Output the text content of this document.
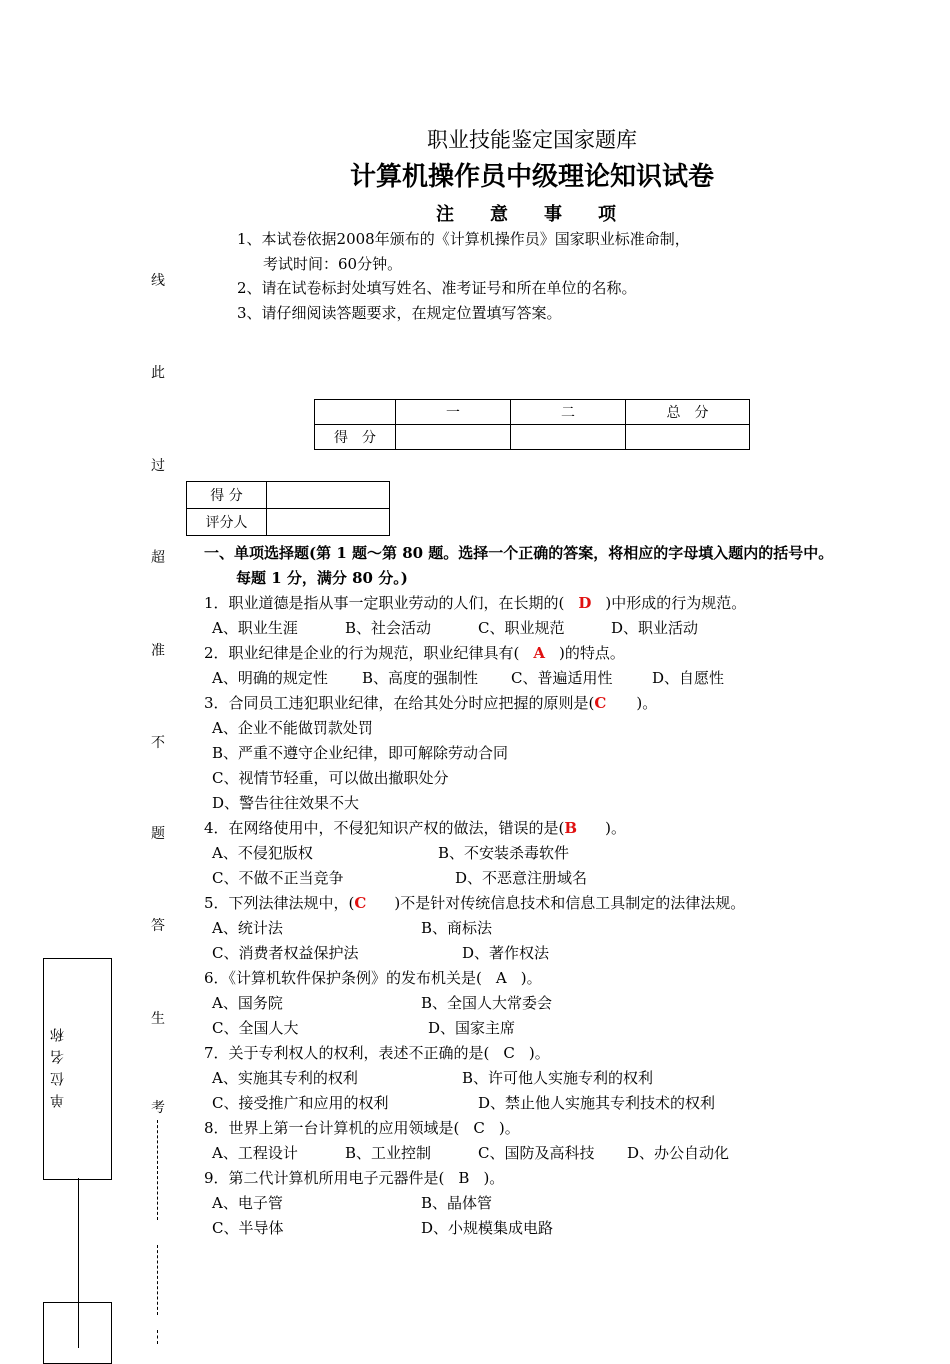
职业技能鉴定国家题库
计算机操作员中级理论知识试卷
注意事项
1、本试卷依据2008年颁布的《计算机操作员》国家职业标准命制，
考试时间：60分钟。
2、请在试卷标封处填写姓名、准考证号和所在单位的名称。
3、请仔细阅读答题要求，在规定位置填写答案。
线
此
过
超
准
不
题
答
生
考
单位名称
	一	二	总　分
得　分			
得 分	
评分人	
一、单项选择题(第 1 题～第 80 题。选择一个正确的答案，将相应的字母填入题内的括号中。
每题 1 分，满分 80 分。)
1．职业道德是指从事一定职业劳动的人们，在长期的( D )中形成的行为规范。
A、职业生涯	B、社会活动	C、职业规范	D、职业活动
2．职业纪律是企业的行为规范，职业纪律具有( A )的特点。
A、明确的规定性 B、高度的强制性 C、普遍适用性	D、自愿性
3．合同员工违犯职业纪律，在给其处分时应把握的原则是(C )。
A、企业不能做罚款处罚
B、严重不遵守企业纪律，即可解除劳动合同
C、视情节轻重，可以做出撤职处分
D、警告往往效果不大
4．在网络使用中，不侵犯知识产权的做法，错误的是(B )。
A、不侵犯版权	B、不安装杀毒软件
C、不做不正当竞争	D、不恶意注册域名
5．下列法律法规中，(C )不是针对传统信息技术和信息工具制定的法律法规。
A、统计法	B、商标法
C、消费者权益保护法	D、著作权法
6．《计算机软件保护条例》的发布机关是( A )。
A、国务院	B、全国人大常委会
C、全国人大	D、国家主席
7．关于专利权人的权利，表述不正确的是( C )。
A、实施其专利的权利	B、许可他人实施专利的权利
C、接受推广和应用的权利	D、禁止他人实施其专利技术的权利
8．世界上第一台计算机的应用领域是( C )。
A、工程设计	B、工业控制	C、国防及高科技 D、办公自动化
9．第二代计算机所用电子元器件是( B )。
A、电子管	B、晶体管
C、半导体	D、小规模集成电路
